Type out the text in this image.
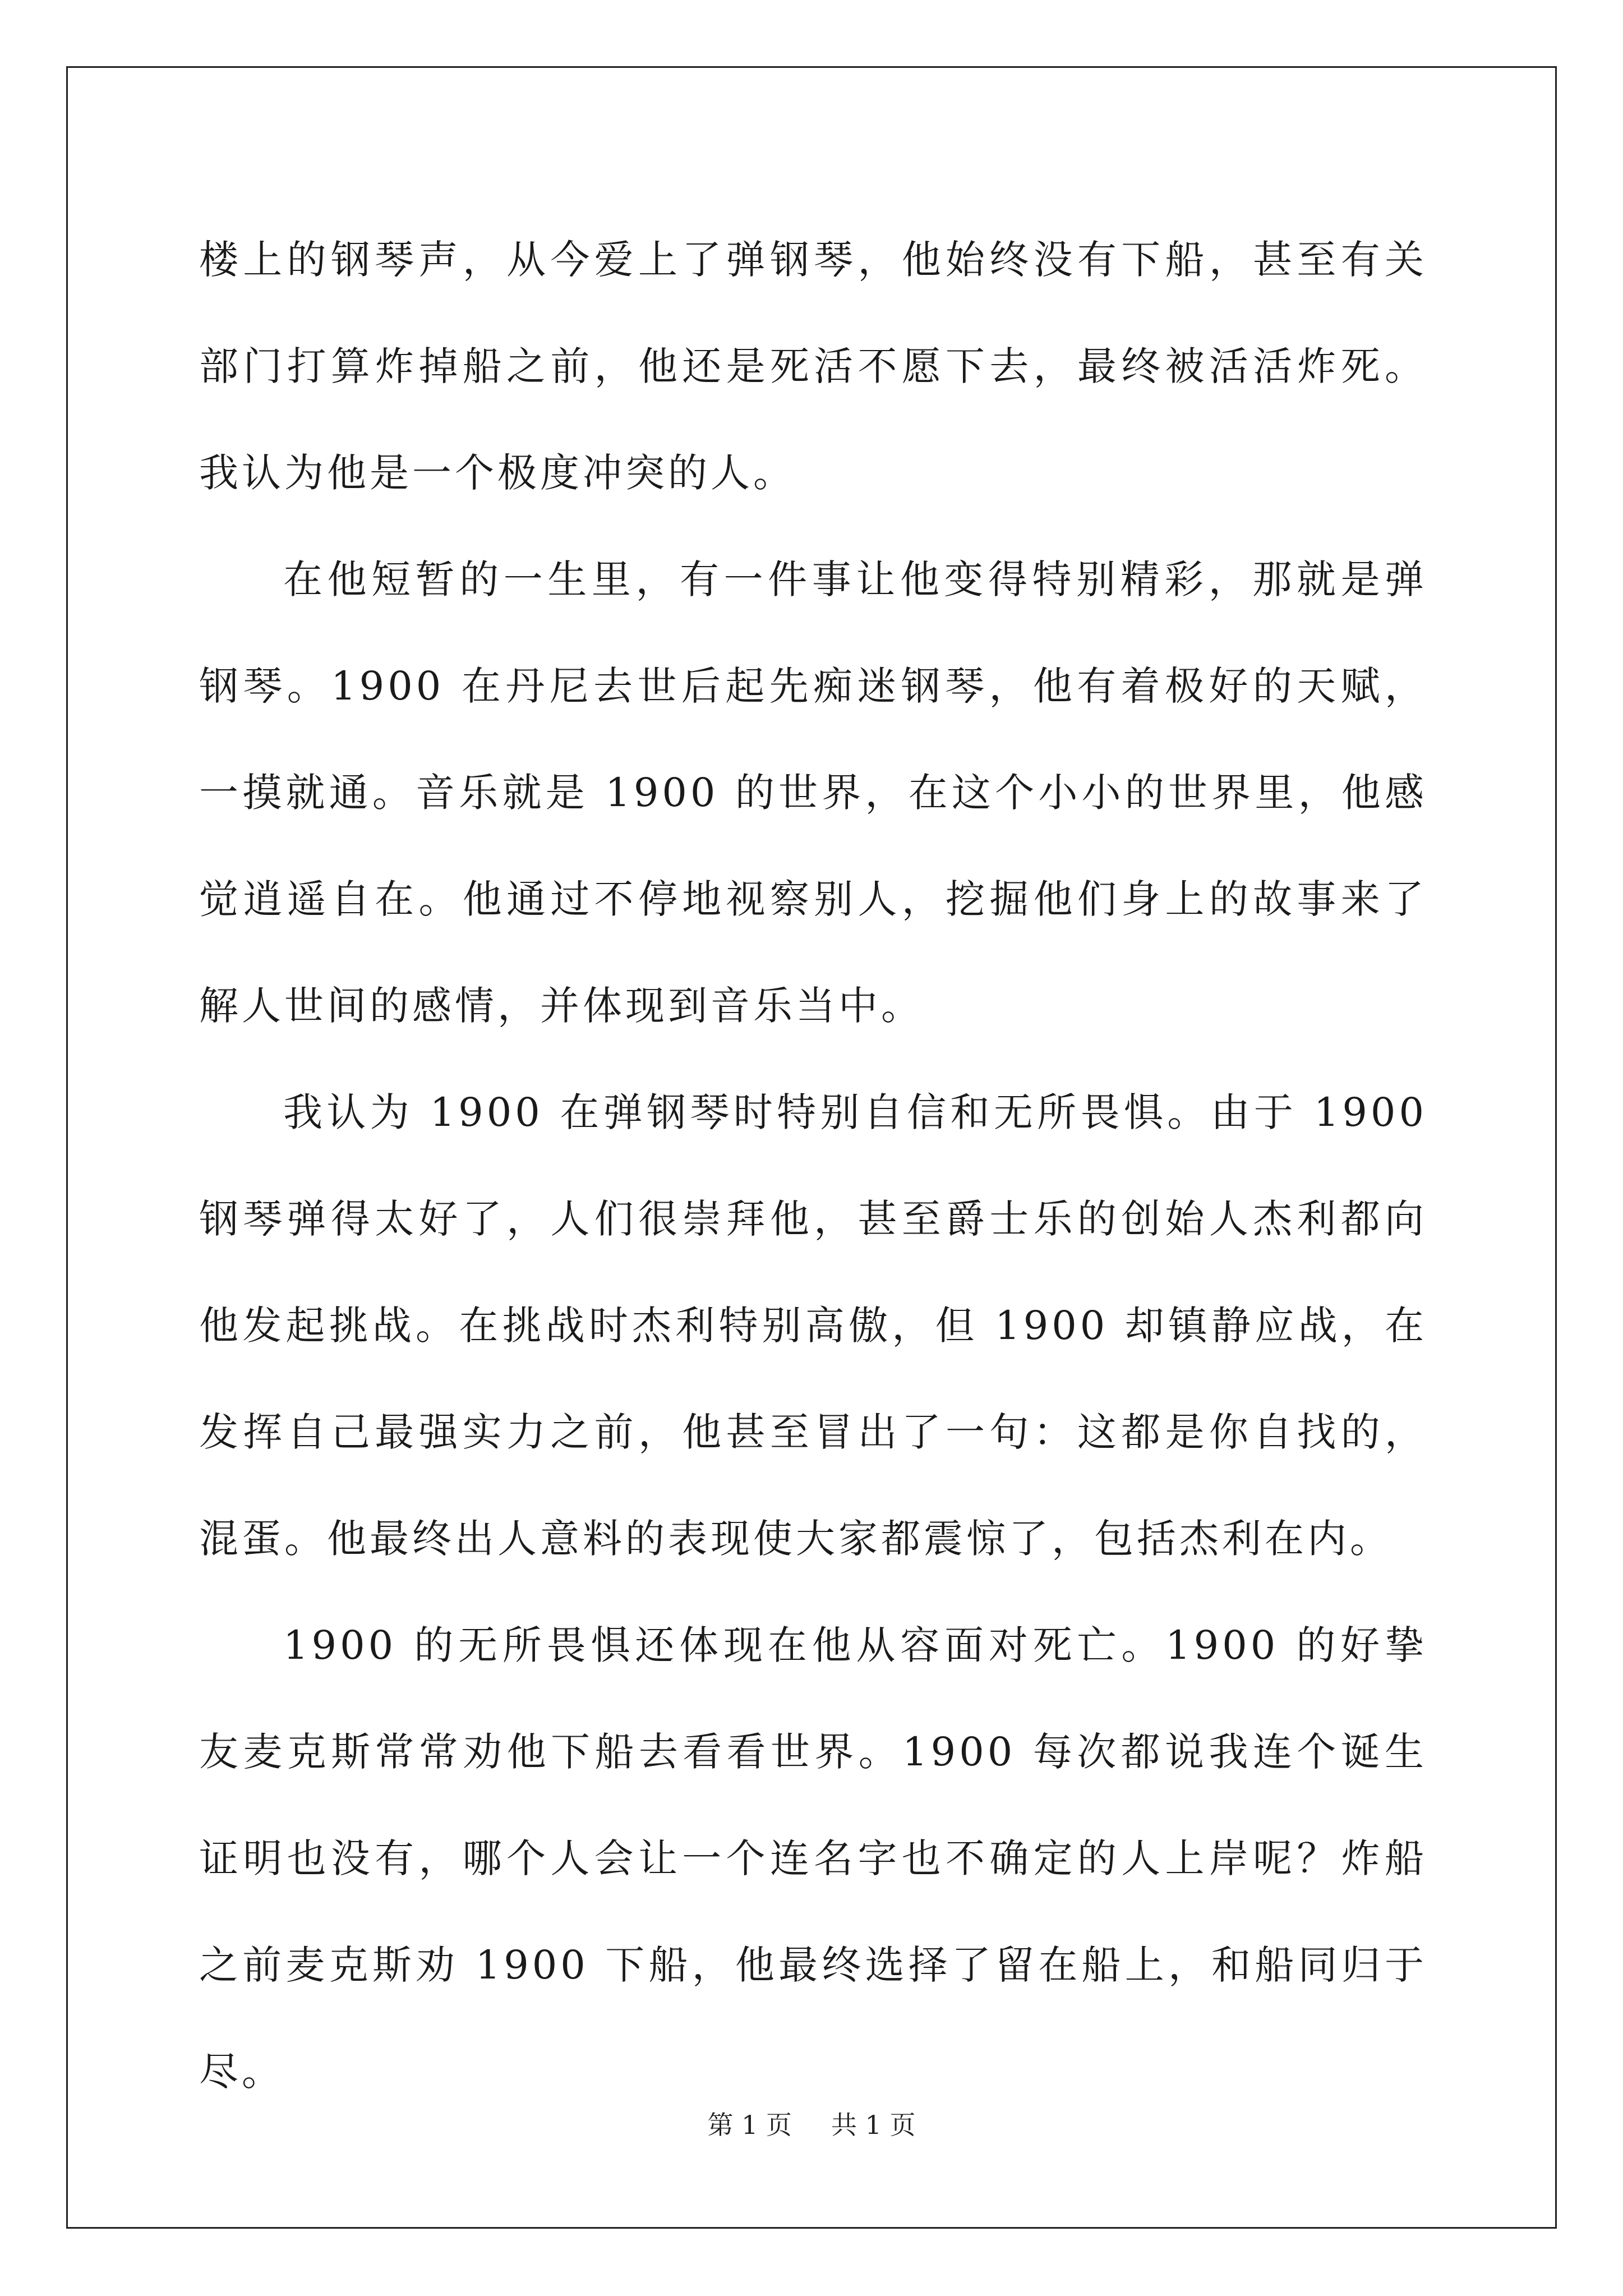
楼上的钢琴声，从今爱上了弹钢琴，他始终没有下船，甚至有关部门打算炸掉船之前，他还是死活不愿下去，最终被活活炸死。我认为他是一个极度冲突的人。

在他短暂的一生里，有一件事让他变得特别精彩，那就是弹钢琴。1900 在丹尼去世后起先痴迷钢琴，他有着极好的天赋，一摸就通。音乐就是 1900 的世界，在这个小小的世界里，他感觉逍遥自在。他通过不停地视察别人，挖掘他们身上的故事来了解人世间的感情，并体现到音乐当中。

我认为 1900 在弹钢琴时特别自信和无所畏惧。由于 1900 钢琴弹得太好了，人们很崇拜他，甚至爵士乐的创始人杰利都向他发起挑战。在挑战时杰利特别高傲，但 1900 却镇静应战，在发挥自己最强实力之前，他甚至冒出了一句：这都是你自找的，混蛋。他最终出人意料的表现使大家都震惊了，包括杰利在内。

1900 的无所畏惧还体现在他从容面对死亡。1900 的好挚友麦克斯常常劝他下船去看看世界。1900 每次都说我连个诞生证明也没有，哪个人会让一个连名字也不确定的人上岸呢？炸船之前麦克斯劝 1900 下船，他最终选择了留在船上，和船同归于尽。

第 1 页 共 1 页
